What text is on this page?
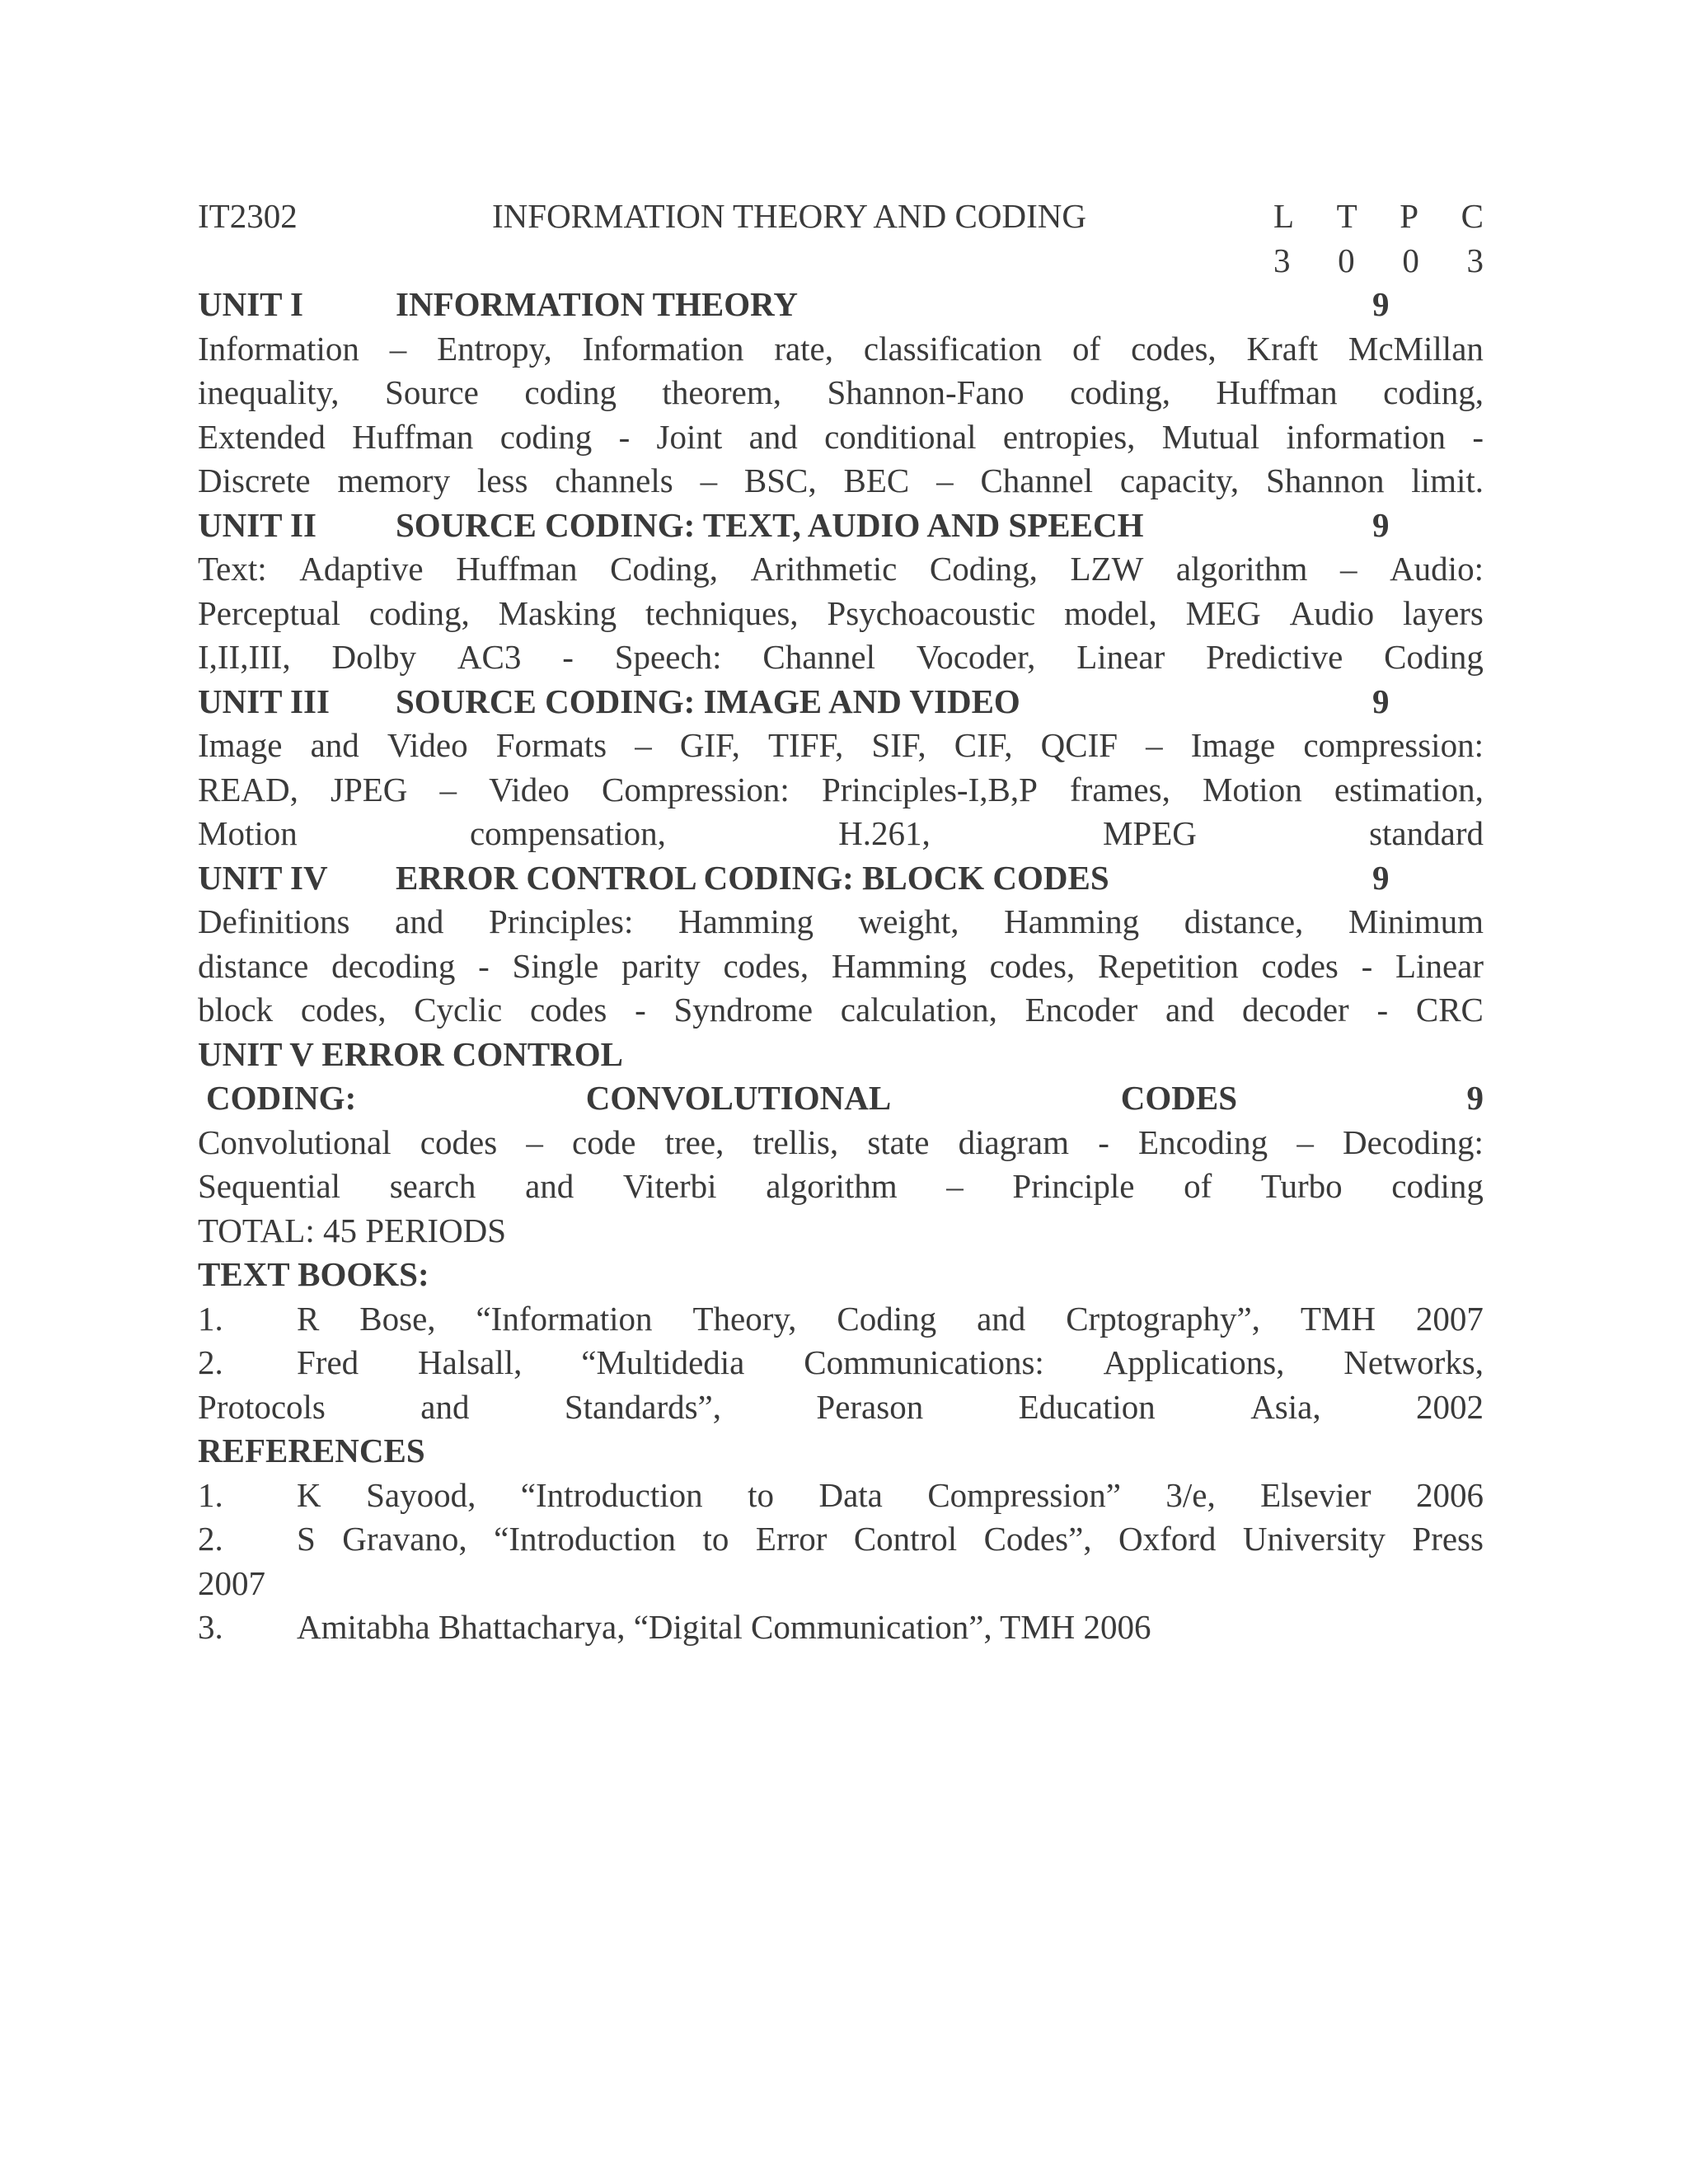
IT2302	INFORMATION THEORY AND CODING	L T P C
3 0 0 3
UNIT I	INFORMATION THEORY	9
Information – Entropy, Information rate, classification of codes, Kraft McMillan
inequality, Source coding theorem, Shannon-Fano coding, Huffman coding,
Extended Huffman coding - Joint and conditional entropies, Mutual information -
Discrete memory less channels – BSC, BEC – Channel capacity, Shannon limit.
UNIT II SOURCE CODING: TEXT, AUDIO AND SPEECH	9
Text: Adaptive Huffman Coding, Arithmetic Coding, LZW algorithm – Audio:
Perceptual coding, Masking techniques, Psychoacoustic model, MEG Audio layers
I,II,III, Dolby AC3 - Speech: Channel Vocoder, Linear Predictive Coding
UNIT III SOURCE CODING: IMAGE AND VIDEO	9
Image and Video Formats – GIF, TIFF, SIF, CIF, QCIF – Image compression:
READ, JPEG – Video Compression: Principles-I,B,P frames, Motion estimation,
Motion	compensation,	H.261,	MPEG	standard
UNIT IV ERROR CONTROL CODING: BLOCK CODES	9
Definitions and Principles: Hamming weight, Hamming distance, Minimum
distance decoding - Single parity codes, Hamming codes, Repetition codes - Linear
block codes, Cyclic codes - Syndrome calculation, Encoder and decoder - CRC
UNIT V ERROR CONTROL
CODING:	CONVOLUTIONAL	CODES	9
Convolutional codes – code tree, trellis, state diagram - Encoding – Decoding:
Sequential search and Viterbi algorithm – Principle of Turbo coding
TOTAL: 45 PERIODS
TEXT BOOKS:
1. R Bose, “Information Theory, Coding and Crptography”, TMH 2007
2. Fred Halsall, “Multidedia Communications: Applications, Networks,
Protocols	and	Standards”,	Perason	Education	Asia,	2002
REFERENCES
1. K Sayood, “Introduction to Data Compression” 3/e, Elsevier 2006
2. S Gravano, “Introduction to Error Control Codes”, Oxford University Press
2007
3. Amitabha Bhattacharya, “Digital Communication”, TMH 2006
